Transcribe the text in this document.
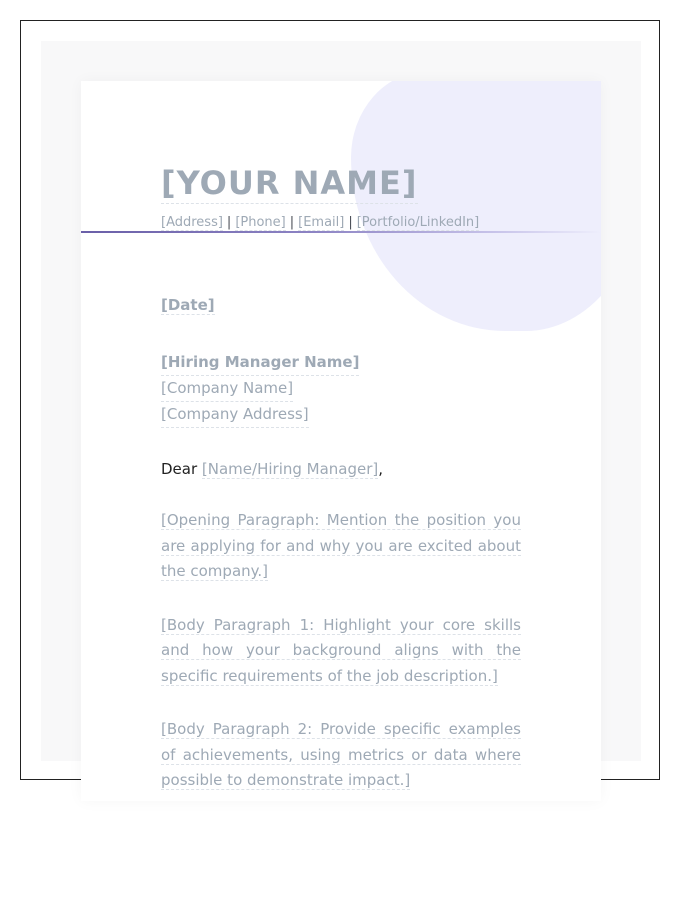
[YOUR NAME]
[Address] | [Phone] | [Email] | [Portfolio/LinkedIn]
[Date]
[Hiring Manager Name]
[Company Name]
[Company Address]
Dear [Name/Hiring Manager],
[Opening Paragraph: Mention the position you are applying for and why you are excited about the company.]
[Body Paragraph 1: Highlight your core skills and how your background aligns with the specific requirements of the job description.]
[Body Paragraph 2: Provide specific examples of achievements, using metrics or data where possible to demonstrate impact.]
